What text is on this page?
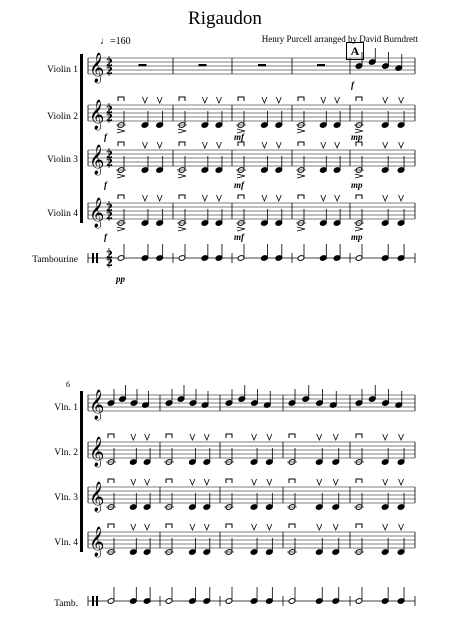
Rigaudon
Henry Purcell arranged by David Burndrett
♩=160
A
Violin 1
Violin 2
Violin 3
Violin 4
Tambourine
Vln. 1
Vln. 2
Vln. 3
Vln. 4
Tamb.
6
f	mf	mp
f	mf	mp
f	mf	mp
f
pp
𝄞 2
2
𝄞 2
2
𝄞 2
2
𝄞 2
2
2
2
𝄞
𝄞
𝄞
𝄞
